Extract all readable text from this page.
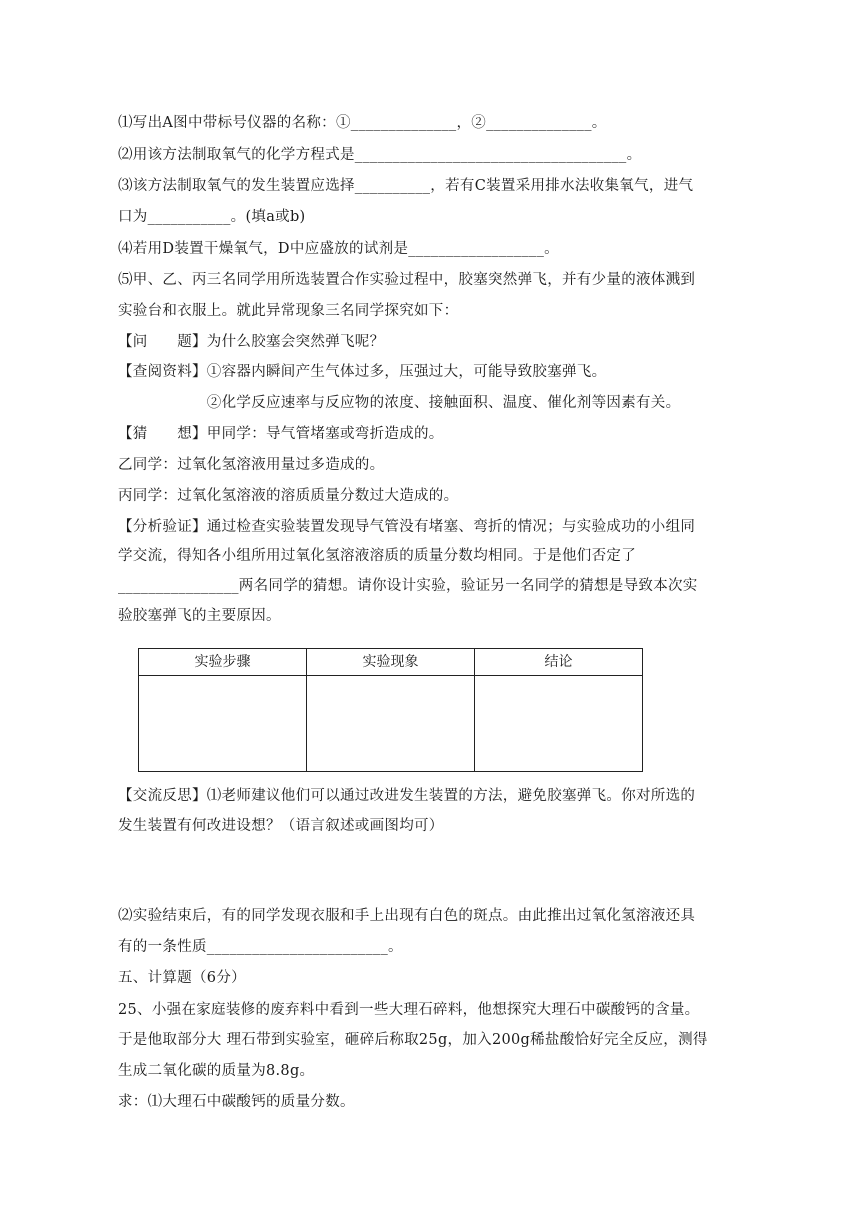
⑴写出A图中带标号仪器的名称：①______________，②______________。
⑵用该方法制取氧气的化学方程式是____________________________________。
⑶该方法制取氧气的发生装置应选择__________，若有C装置采用排水法收集氧气，进气
口为___________。(填a或b)
⑷若用D装置干燥氧气，D中应盛放的试剂是__________________。
⑸甲、乙、丙三名同学用所选装置合作实验过程中，胶塞突然弹飞，并有少量的液体溅到
实验台和衣服上。就此异常现象三名同学探究如下：
【问　　题】为什么胶塞会突然弹飞呢？
【查阅资料】①容器内瞬间产生气体过多，压强过大，可能导致胶塞弹飞。
　　　　　　②化学反应速率与反应物的浓度、接触面积、温度、催化剂等因素有关。
【猜　　想】甲同学：导气管堵塞或弯折造成的。
乙同学：过氧化氢溶液用量过多造成的。
丙同学：过氧化氢溶液的溶质质量分数过大造成的。
【分析验证】通过检查实验装置发现导气管没有堵塞、弯折的情况；与实验成功的小组同
学交流，得知各小组所用过氧化氢溶液溶质的质量分数均相同。于是他们否定了
________________两名同学的猜想。请你设计实验，验证另一名同学的猜想是导致本次实
验胶塞弹飞的主要原因。
实验步骤	实验现象	结论
【交流反思】⑴老师建议他们可以通过改进发生装置的方法，避免胶塞弹飞。你对所选的
发生装置有何改进设想？（语言叙述或画图均可）
⑵实验结束后，有的同学发现衣服和手上出现有白色的斑点。由此推出过氧化氢溶液还具
有的一条性质________________________。
五、计算题（6分）
25、小强在家庭装修的废弃料中看到一些大理石碎料，他想探究大理石中碳酸钙的含量。
于是他取部分大 理石带到实验室，砸碎后称取25g，加入200g稀盐酸恰好完全反应，测得
生成二氧化碳的质量为8.8g。
求：⑴大理石中碳酸钙的质量分数。
